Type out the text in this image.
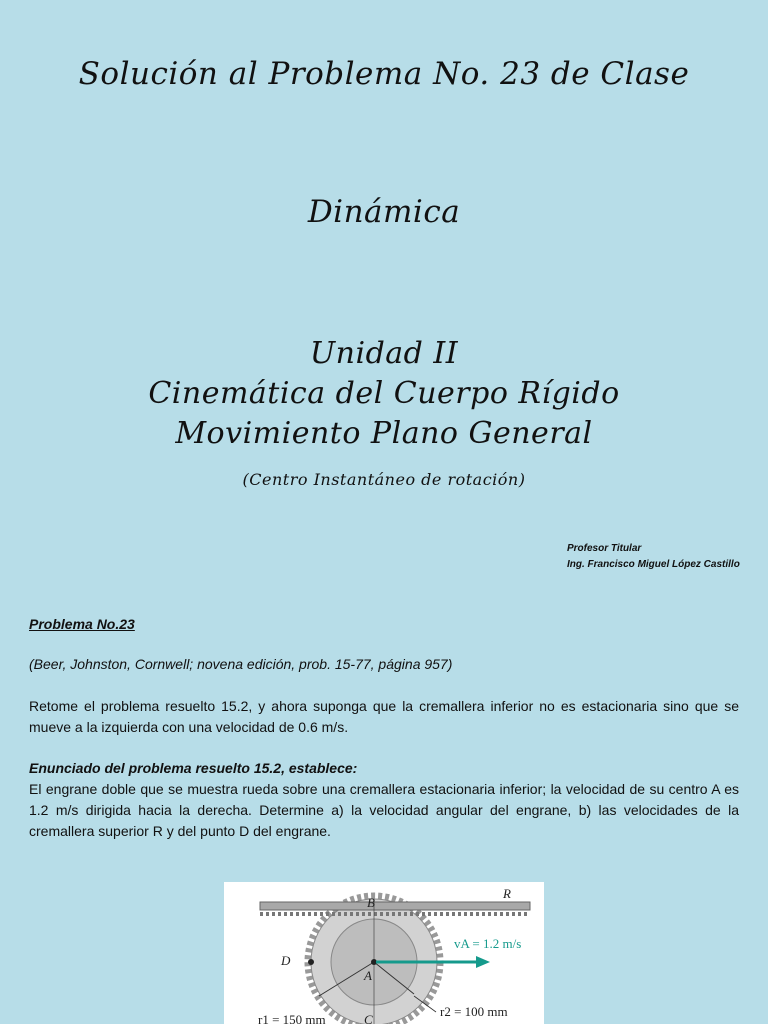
Solución al Problema No. 23 de Clase
Dinámica
Unidad II
Cinemática del Cuerpo Rígido
Movimiento Plano General
(Centro Instantáneo de rotación)
Profesor Titular
Ing. Francisco Miguel López Castillo
Problema No.23
(Beer, Johnston, Cornwell; novena edición, prob. 15-77, página 957)
Retome el problema resuelto 15.2, y ahora suponga que la cremallera inferior no es estacionaria sino que se mueve a la izquierda con una velocidad de 0.6 m/s.
Enunciado del problema resuelto 15.2, establece:
El engrane doble que se muestra rueda sobre una cremallera estacionaria inferior; la velocidad de su centro A es 1.2 m/s dirigida hacia la derecha. Determine a) la velocidad angular del engrane, b) las velocidades de la cremallera superior R y del punto D del engrane.
R
B
D
A
C
vA = 1.2 m/s
r1 = 150 mm
r2 = 100 mm
